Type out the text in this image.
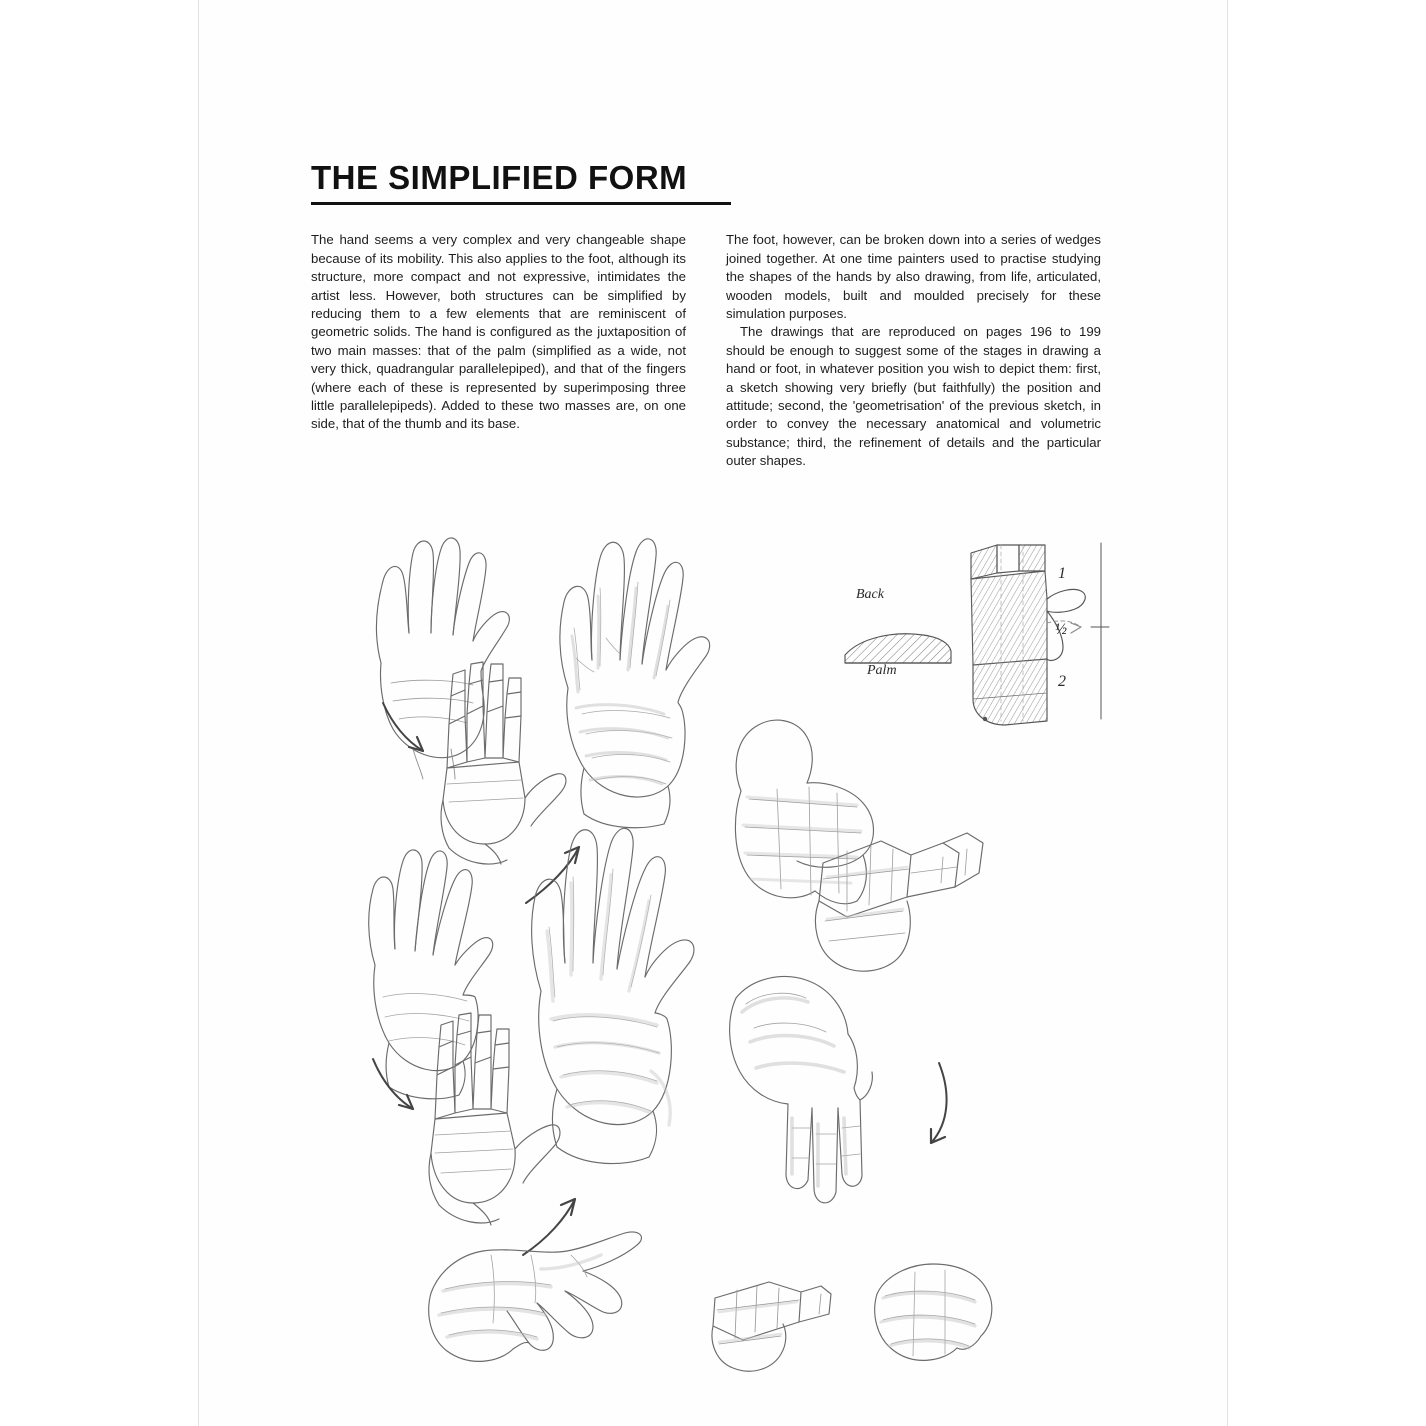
THE SIMPLIFIED FORM

The hand seems a very complex and very changeable shape because of its mobility. This also applies to the foot, although its structure, more compact and not expressive, intimidates the artist less. However, both structures can be simplified by reducing them to a few elements that are reminiscent of geometric solids. The hand is configured as the juxtaposition of two main masses: that of the palm (simplified as a wide, not very thick, quadrangular parallelepiped), and that of the fingers (where each of these is represented by superimposing three little parallelepipeds). Added to these two masses are, on one side, that of the thumb and its base.

The foot, however, can be broken down into a series of wedges joined together. At one time painters used to practise studying the shapes of the hands by also drawing, from life, articulated, wooden models, built and moulded precisely for these simulation purposes.

The drawings that are reproduced on pages 196 to 199 should be enough to suggest some of the stages in drawing a hand or foot, in whatever position you wish to depict them: first, a sketch showing very briefly (but faithfully) the position and attitude; second, the 'geometrisation' of the previous sketch, in order to convey the necessary anatomical and volumetric substance; third, the refinement of details and the particular outer shapes.

Back
Palm
1
½
2
